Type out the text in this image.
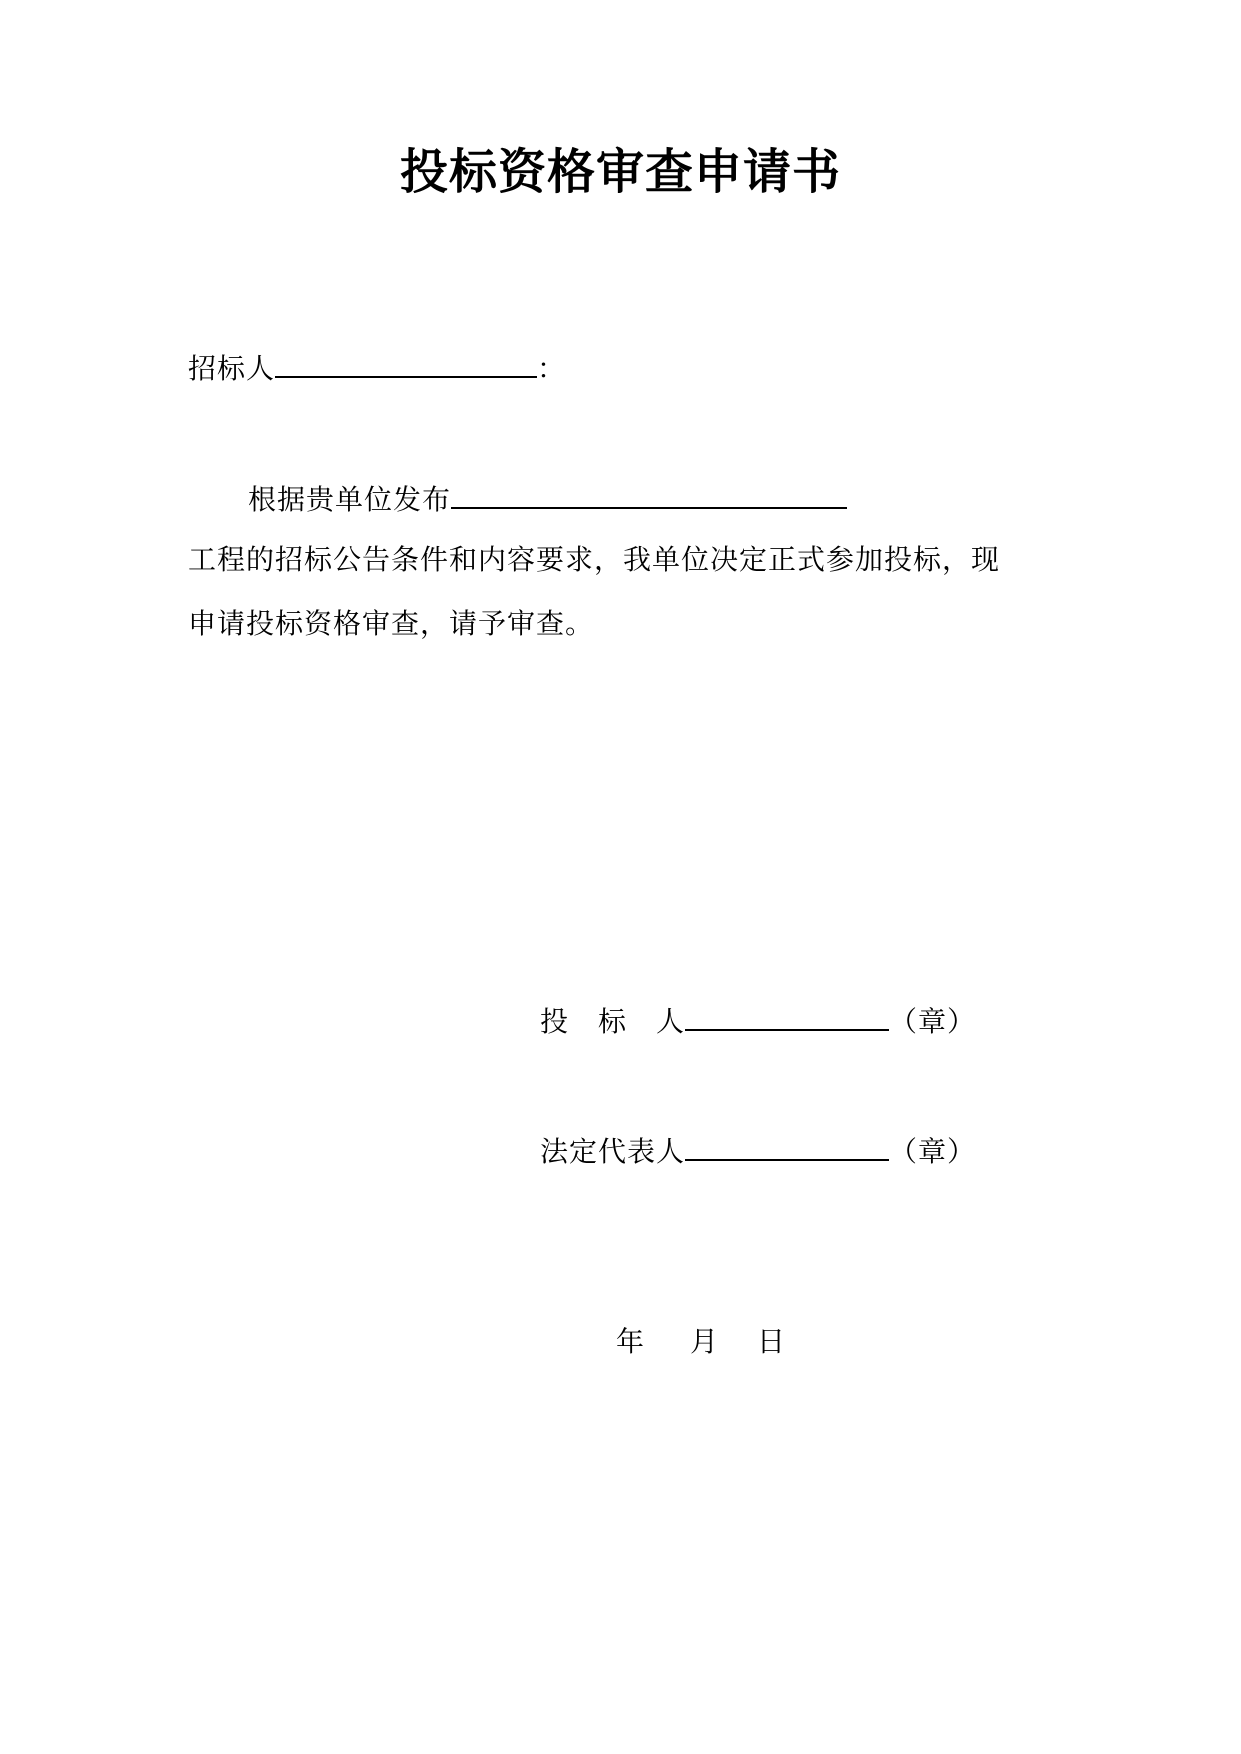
投标资格审查申请书
招标人	：
根据贵单位发布
工程的招标公告条件和内容要求，我单位决定正式参加投标，现
申请投标资格审查，请予审查。
投　标　人	（章）
法定代表人	（章）
年 月 日
